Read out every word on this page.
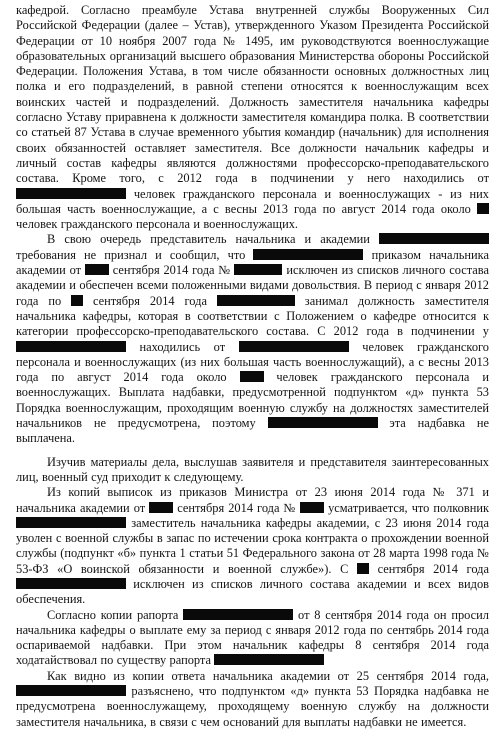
кафедрой. Согласно преамбуле Устава внутренней службы Вооруженных Сил Российской Федерации (далее – Устав), утвержденного Указом Президента Российской Федерации от 10 ноября 2007 года № 1495, им руководствуются военнослужащие образовательных организаций высшего образования Министерства обороны Российской Федерации. Положения Устава, в том числе обязанности основных должностных лиц полка и его подразделений, в равной степени относятся к военнослужащим всех воинских частей и подразделений. Должность заместителя начальника кафедры согласно Уставу приравнена к должности заместителя командира полка. В соответствии со статьей 87 Устава в случае временного убытия командир (начальник) для исполнения своих обязанностей оставляет заместителя. Все должности начальник кафедры и личный состав кафедры являются должностями профессорско-преподавательского состава. Кроме того, с 2012 года в подчинении у него находились от  человек гражданского персонала и военнослужащих - из них большая часть военнослужащие, а с весны 2013 года по август 2014 года около  человек гражданского персонала и военнослужащих.

В свою очередь представитель начальника и академии  требования не признал и сообщил, что	приказом начальника академии от	сентября 2014 года №	исключен из списков личного состава академии и обеспечен всеми положенными видами довольствия. В период с января 2012 года по	сентября 2014 года	занимал должность заместителя начальника кафедры, которая в соответствии с Положением о кафедре относится к категории профессорско-преподавательского состава. С 2012 года в подчинении у  находились от	человек гражданского персонала и военнослужащих (из них большая часть военнослужащий), а с весны 2013 года по август 2014 года около	человек гражданского персонала и военнослужащих. Выплата надбавки, предусмотренной подпунктом «д» пункта 53 Порядка военнослужащим, проходящим военную службу на должностях заместителей начальников не предусмотрена, поэтому	эта надбавка не выплачена.

Изучив материалы дела, выслушав заявителя и представителя заинтересованных лиц, военный суд приходит к следующему.

Из копий выписок из приказов Министра от 23 июня 2014 года № 371 и начальника академии от	сентября 2014 года №	усматривается, что полковник  заместитель начальника кафедры академии, с 23 июня 2014 года уволен с военной службы в запас по истечении срока контракта о прохождении военной службы (подпункт «б» пункта 1 статьи 51 Федерального закона от 28 марта 1998 года № 53-ФЗ «О воинской обязанности и военной службе»). С сентября 2014 года  исключен из списков личного состава академии и всех видов обеспечения.

Согласно копии рапорта	от 8 сентября 2014 года он просил начальника кафедры о выплате ему за период с января 2012 года по сентябрь 2014 года оспариваемой надбавки. При этом начальник кафедры 8 сентября 2014 года ходатайствовал по существу рапорта

Как видно из копии ответа начальника академии от 25 сентября 2014 года,  разъяснено, что подпунктом «д» пункта 53 Порядка надбавка не предусмотрена военнослужащему, проходящему военную службу на должности заместителя начальника, в связи с чем оснований для выплаты надбавки не имеется.
